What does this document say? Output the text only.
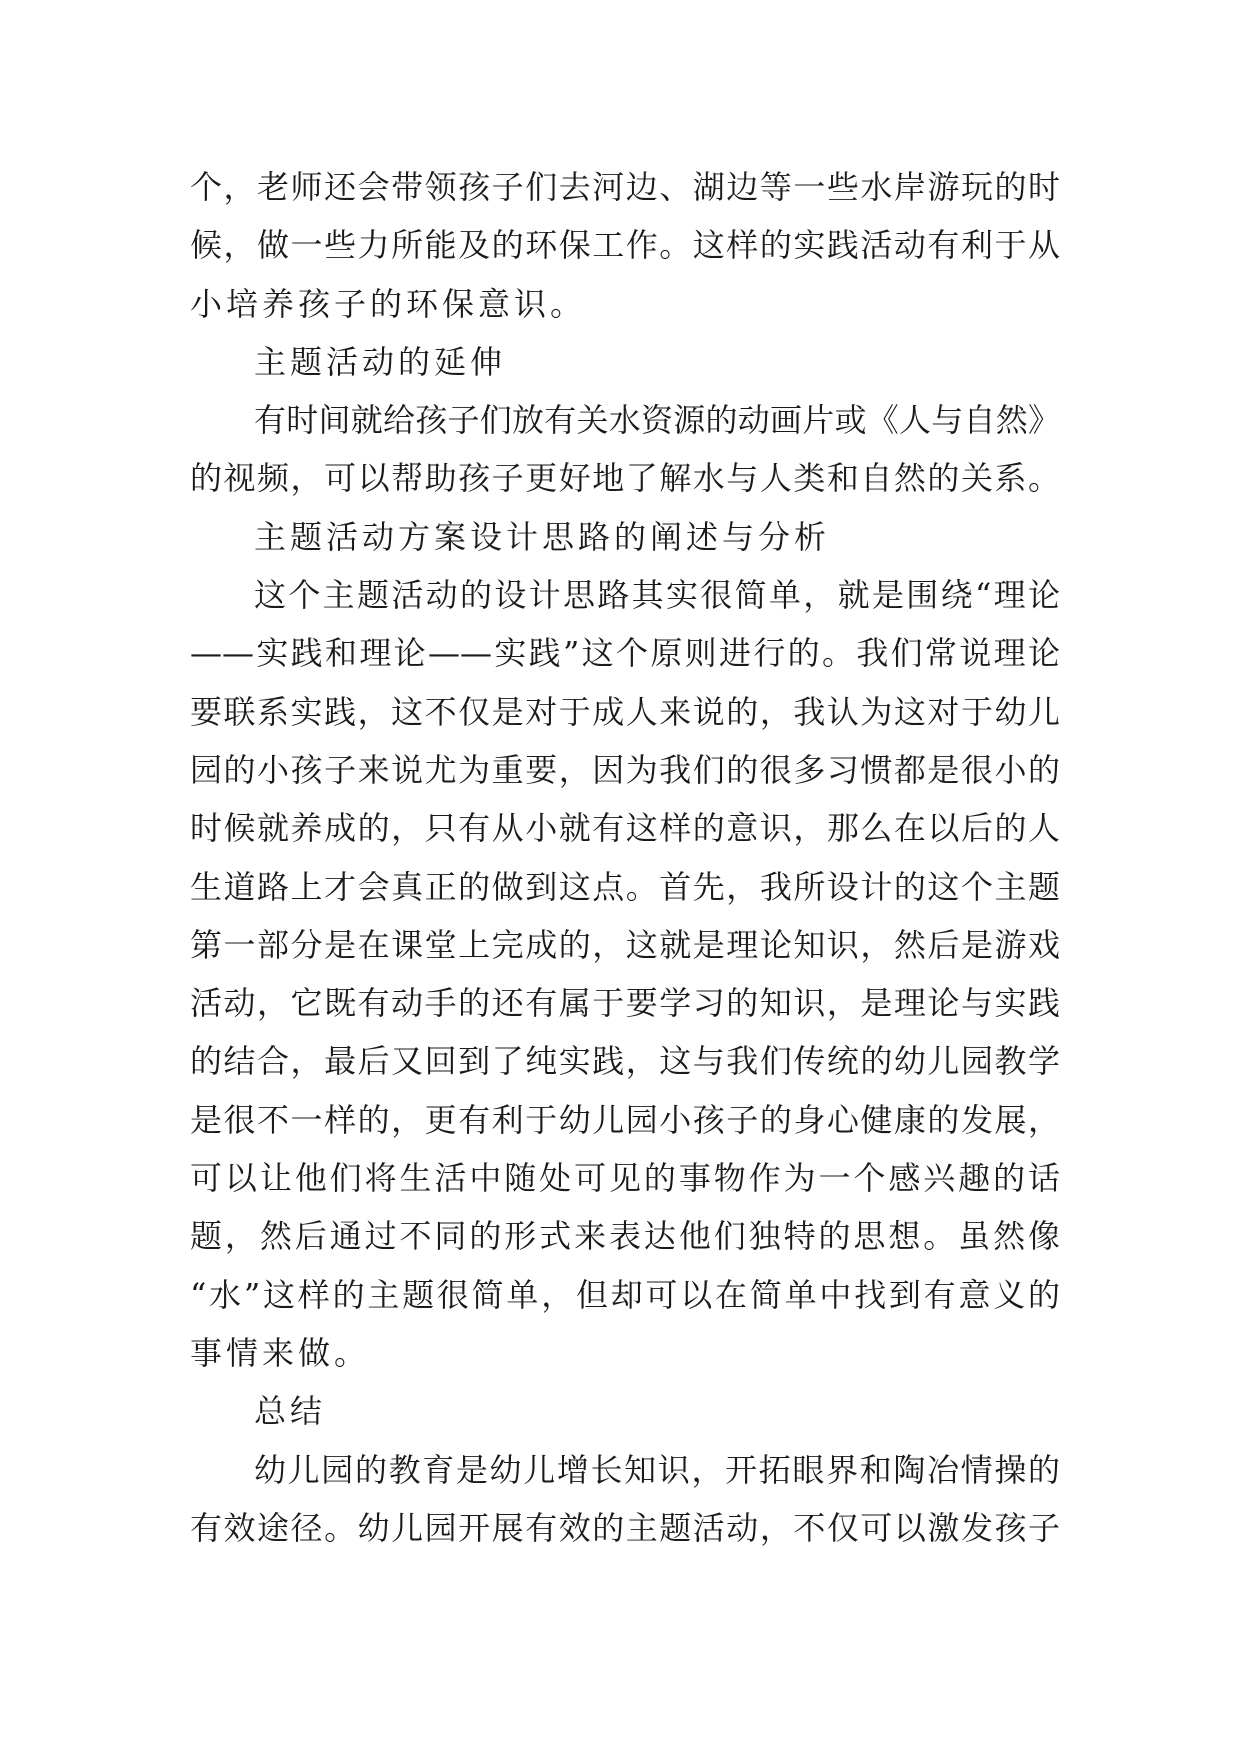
个，老师还会带领孩子们去河边、湖边等一些水岸游玩的时
候，做一些力所能及的环保工作。这样的实践活动有利于从
小培养孩子的环保意识。
主题活动的延伸
有时间就给孩子们放有关水资源的动画片或《人与自然》
的视频，可以帮助孩子更好地了解水与人类和自然的关系。
主题活动方案设计思路的阐述与分析
这个主题活动的设计思路其实很简单，就是围绕“理论
——实践和理论——实践”这个原则进行的。我们常说理论
要联系实践，这不仅是对于成人来说的，我认为这对于幼儿
园的小孩子来说尤为重要，因为我们的很多习惯都是很小的
时候就养成的，只有从小就有这样的意识，那么在以后的人
生道路上才会真正的做到这点。首先，我所设计的这个主题
第一部分是在课堂上完成的，这就是理论知识，然后是游戏
活动，它既有动手的还有属于要学习的知识，是理论与实践
的结合，最后又回到了纯实践，这与我们传统的幼儿园教学
是很不一样的，更有利于幼儿园小孩子的身心健康的发展，
可以让他们将生活中随处可见的事物作为一个感兴趣的话
题，然后通过不同的形式来表达他们独特的思想。虽然像
“水”这样的主题很简单，但却可以在简单中找到有意义的
事情来做。
总结
幼儿园的教育是幼儿增长知识，开拓眼界和陶冶情操的
有效途径。幼儿园开展有效的主题活动，不仅可以激发孩子
